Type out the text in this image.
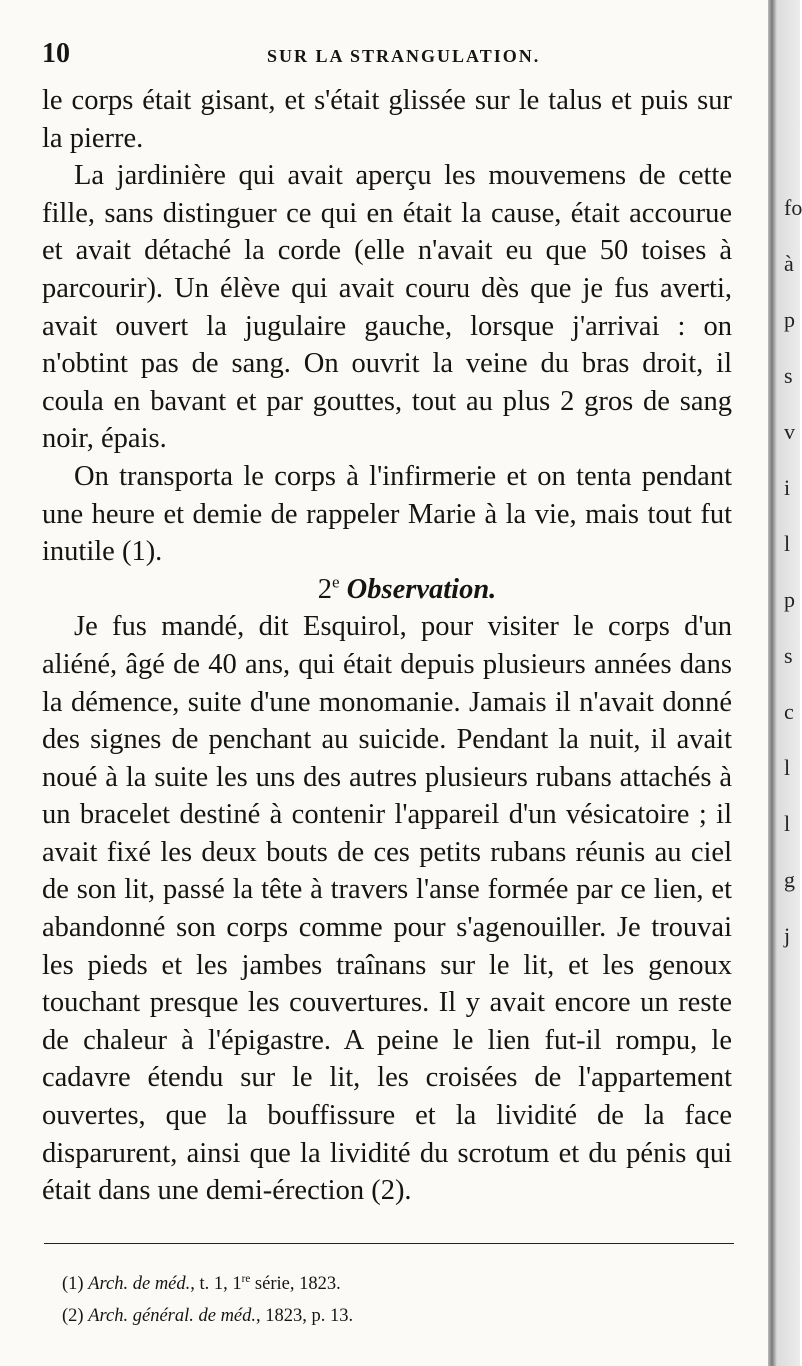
10	SUR LA STRANGULATION.

le corps était gisant, et s'était glissée sur le talus et puis sur la pierre.

La jardinière qui avait aperçu les mouvemens de cette fille, sans distinguer ce qui en était la cause, était accourue et avait détaché la corde (elle n'avait eu que 50 toises à parcourir). Un élève qui avait couru dès que je fus averti, avait ouvert la jugulaire gauche, lorsque j'arrivai : on n'obtint pas de sang. On ouvrit la veine du bras droit, il coula en bavant et par gouttes, tout au plus 2 gros de sang noir, épais.

On transporta le corps à l'infirmerie et on tenta pendant une heure et demie de rappeler Marie à la vie, mais tout fut inutile (1).

2e Observation.

Je fus mandé, dit Esquirol, pour visiter le corps d'un aliéné, âgé de 40 ans, qui était depuis plusieurs années dans la démence, suite d'une monomanie. Jamais il n'avait donné des signes de penchant au suicide. Pendant la nuit, il avait noué à la suite les uns des autres plusieurs rubans attachés à un bracelet destiné à contenir l'appareil d'un vésicatoire ; il avait fixé les deux bouts de ces petits rubans réunis au ciel de son lit, passé la tête à travers l'anse formée par ce lien, et abandonné son corps comme pour s'agenouiller. Je trouvai les pieds et les jambes traînans sur le lit, et les genoux touchant presque les couvertures. Il y avait encore un reste de chaleur à l'épigastre. A peine le lien fut-il rompu, le cadavre étendu sur le lit, les croisées de l'appartement ouvertes, que la bouffissure et la lividité de la face disparurent, ainsi que la lividité du scrotum et du pénis qui était dans une demi-érection (2).

(1) Arch. de méd., t. 1, 1re série, 1823.
(2) Arch. général. de méd., 1823, p. 13.
fo
à
p
s
v
i
l
p
s
c
l
l
g
j
